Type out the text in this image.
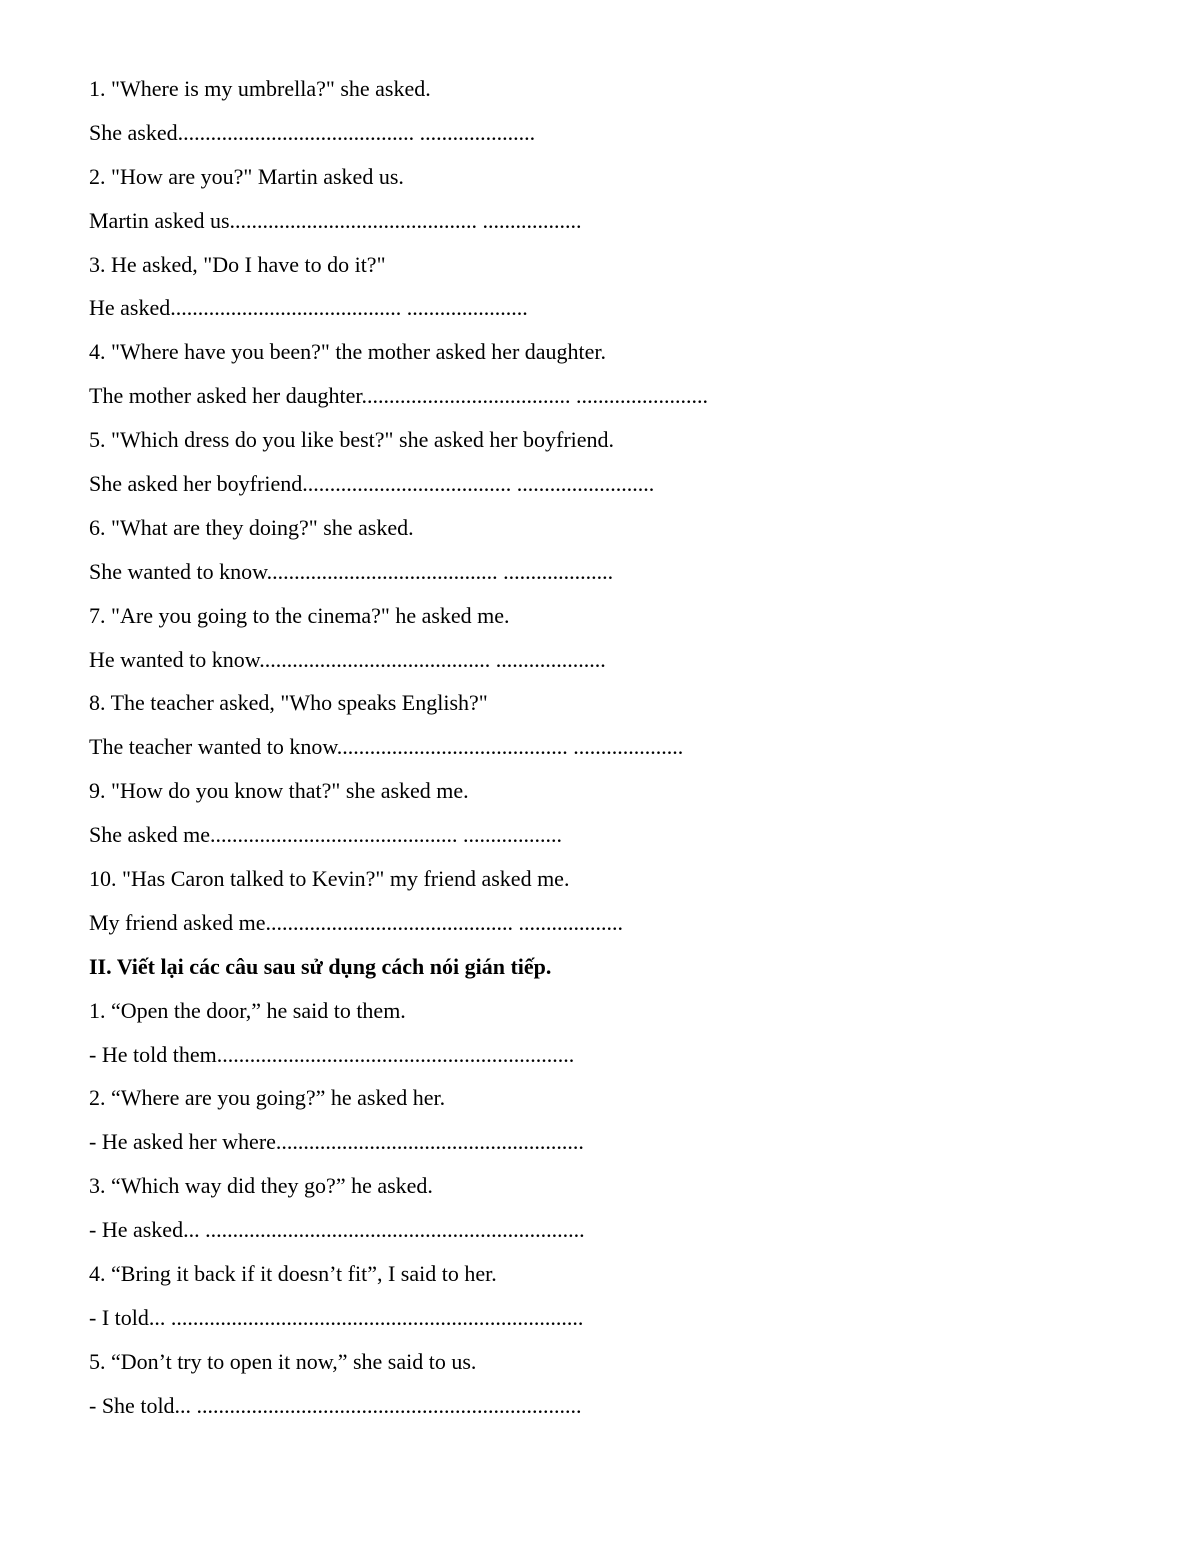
1. "Where is my umbrella?" she asked.
She asked........................................... .....................
2. "How are you?" Martin asked us.
Martin asked us............................................. ..................
3. He asked, "Do I have to do it?"
He asked.......................................... ......................
4. "Where have you been?" the mother asked her daughter.
The mother asked her daughter...................................... ........................
5. "Which dress do you like best?" she asked her boyfriend.
She asked her boyfriend...................................... .........................
6. "What are they doing?" she asked.
She wanted to know.......................................... ....................
7. "Are you going to the cinema?" he asked me.
He wanted to know.......................................... ....................
8. The teacher asked, "Who speaks English?"
The teacher wanted to know.......................................... ....................
9. "How do you know that?" she asked me.
She asked me............................................. ..................
10. "Has Caron talked to Kevin?" my friend asked me.
My friend asked me............................................. ...................
II. Viết lại các câu sau sử dụng cách nói gián tiếp.
1. “Open the door,” he said to them.
- He told them.................................................................
2. “Where are you going?” he asked her.
- He asked her where........................................................
3. “Which way did they go?” he asked.
- He asked... .....................................................................
4. “Bring it back if it doesn’t fit”, I said to her.
- I told... ...........................................................................
5. “Don’t try to open it now,” she said to us.
- She told... ......................................................................
